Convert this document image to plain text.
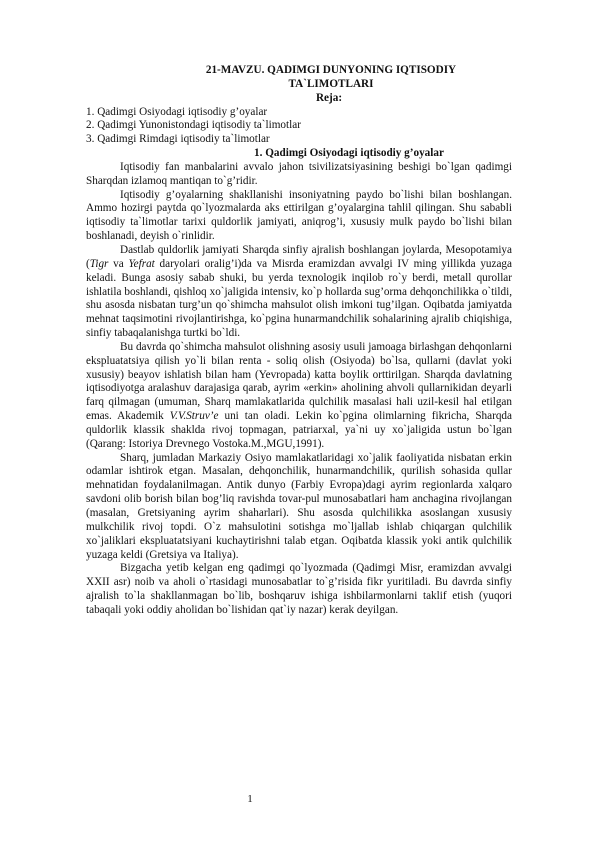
21-MAVZU. QADIMGI DUNYONING IQTISODIY

TA`LIMOTLARI

Reja:

1. Qadimgi Osiyodagi iqtisodiy g’oyalar
2. Qadimgi Yunonistondagi iqtisodiy ta`limotlar
3. Qadimgi Rimdagi iqtisodiy ta`limotlar

1. Qadimgi Osiyodagi iqtisodiy g’oyalar

Iqtisodiy fan manbalarini avvalo jahon tsivilizatsiyasining beshigi bo`lgan qadimgi Sharqdan izlamoq mantiqan to`g’ridir.

Iqtisodiy g’oyalarning shakllanishi insoniyatning paydo bo`lishi bilan boshlangan. Ammo hozirgi paytda qo`lyozmalarda aks ettirilgan g’oyalargina tahlil qilingan. Shu sababli iqtisodiy ta`limotlar tarixi quldorlik jamiyati, aniqrog’i, xususiy mulk paydo bo`lishi bilan boshlanadi, deyish o`rinlidir.

Dastlab quldorlik jamiyati Sharqda sinfiy ajralish boshlangan joylarda, Mesopotamiya (Tigr va Yefrat daryolari oralig’i)da va Misrda eramizdan avvalgi IV ming yillikda yuzaga keladi. Bunga asosiy sabab shuki, bu yerda texnologik inqilob ro`y berdi, metall qurollar ishlatila boshlandi, qishloq xo`jaligida intensiv, ko`p hollarda sug’orma dehqonchilikka o`tildi, shu asosda nisbatan turg’un qo`shimcha mahsulot olish imkoni tug’ilgan. Oqibatda jamiyatda mehnat taqsimotini rivojlantirishga, ko`pgina hunarmandchilik sohalarining ajralib chiqishiga, sinfiy tabaqalanishga turtki bo`ldi.

Bu davrda qo`shimcha mahsulot olishning asosiy usuli jamoaga birlashgan dehqonlarni ekspluatatsiya qilish yo`li bilan renta - soliq olish (Osiyoda) bo`lsa, qullarni (davlat yoki xususiy) beayov ishlatish bilan ham (Yevropada) katta boylik orttirilgan. Sharqda davlatning iqtisodiyotga aralashuv darajasiga qarab, ayrim «erkin» aholining ahvoli qullarnikidan deyarli farq qilmagan (umuman, Sharq mamlakatlarida qulchilik masalasi hali uzil-kesil hal etilgan emas. Akademik V.V.Struv’e uni tan oladi. Lekin ko`pgina olimlarning fikricha, Sharqda quldorlik klassik shaklda rivoj topmagan, patriarxal, ya`ni uy xo`jaligida ustun bo`lgan (Qarang: Istoriya Drevnego Vostoka.M.,MGU,1991).

Sharq, jumladan Markaziy Osiyo mamlakatlaridagi xo`jalik faoliyatida nisbatan erkin odamlar ishtirok etgan. Masalan, dehqonchilik, hunarmandchilik, qurilish sohasida qullar mehnatidan foydalanilmagan. Antik dunyo (Farbiy Evropa)dagi ayrim regionlarda xalqaro savdoni olib borish bilan bog’liq ravishda tovar-pul munosabatlari ham anchagina rivojlangan (masalan, Gretsiyaning ayrim shaharlari). Shu asosda qulchilikka asoslangan xususiy mulkchilik rivoj topdi. O`z mahsulotini sotishga mo`ljallab ishlab chiqargan qulchilik xo`jaliklari ekspluatatsiyani kuchaytirishni talab etgan. Oqibatda klassik yoki antik qulchilik yuzaga keldi (Gretsiya va Italiya).

Bizgacha yetib kelgan eng qadimgi qo`lyozmada (Qadimgi Misr, eramizdan avvalgi XXII asr) noib va aholi o`rtasidagi munosabatlar to`g’risida fikr yuritiladi. Bu davrda sinfiy ajralish to`la shakllanmagan bo`lib, boshqaruv ishiga ishbilarmonlarni taklif etish (yuqori tabaqali yoki oddiy aholidan bo`lishidan qat`iy nazar) kerak deyilgan.

1
